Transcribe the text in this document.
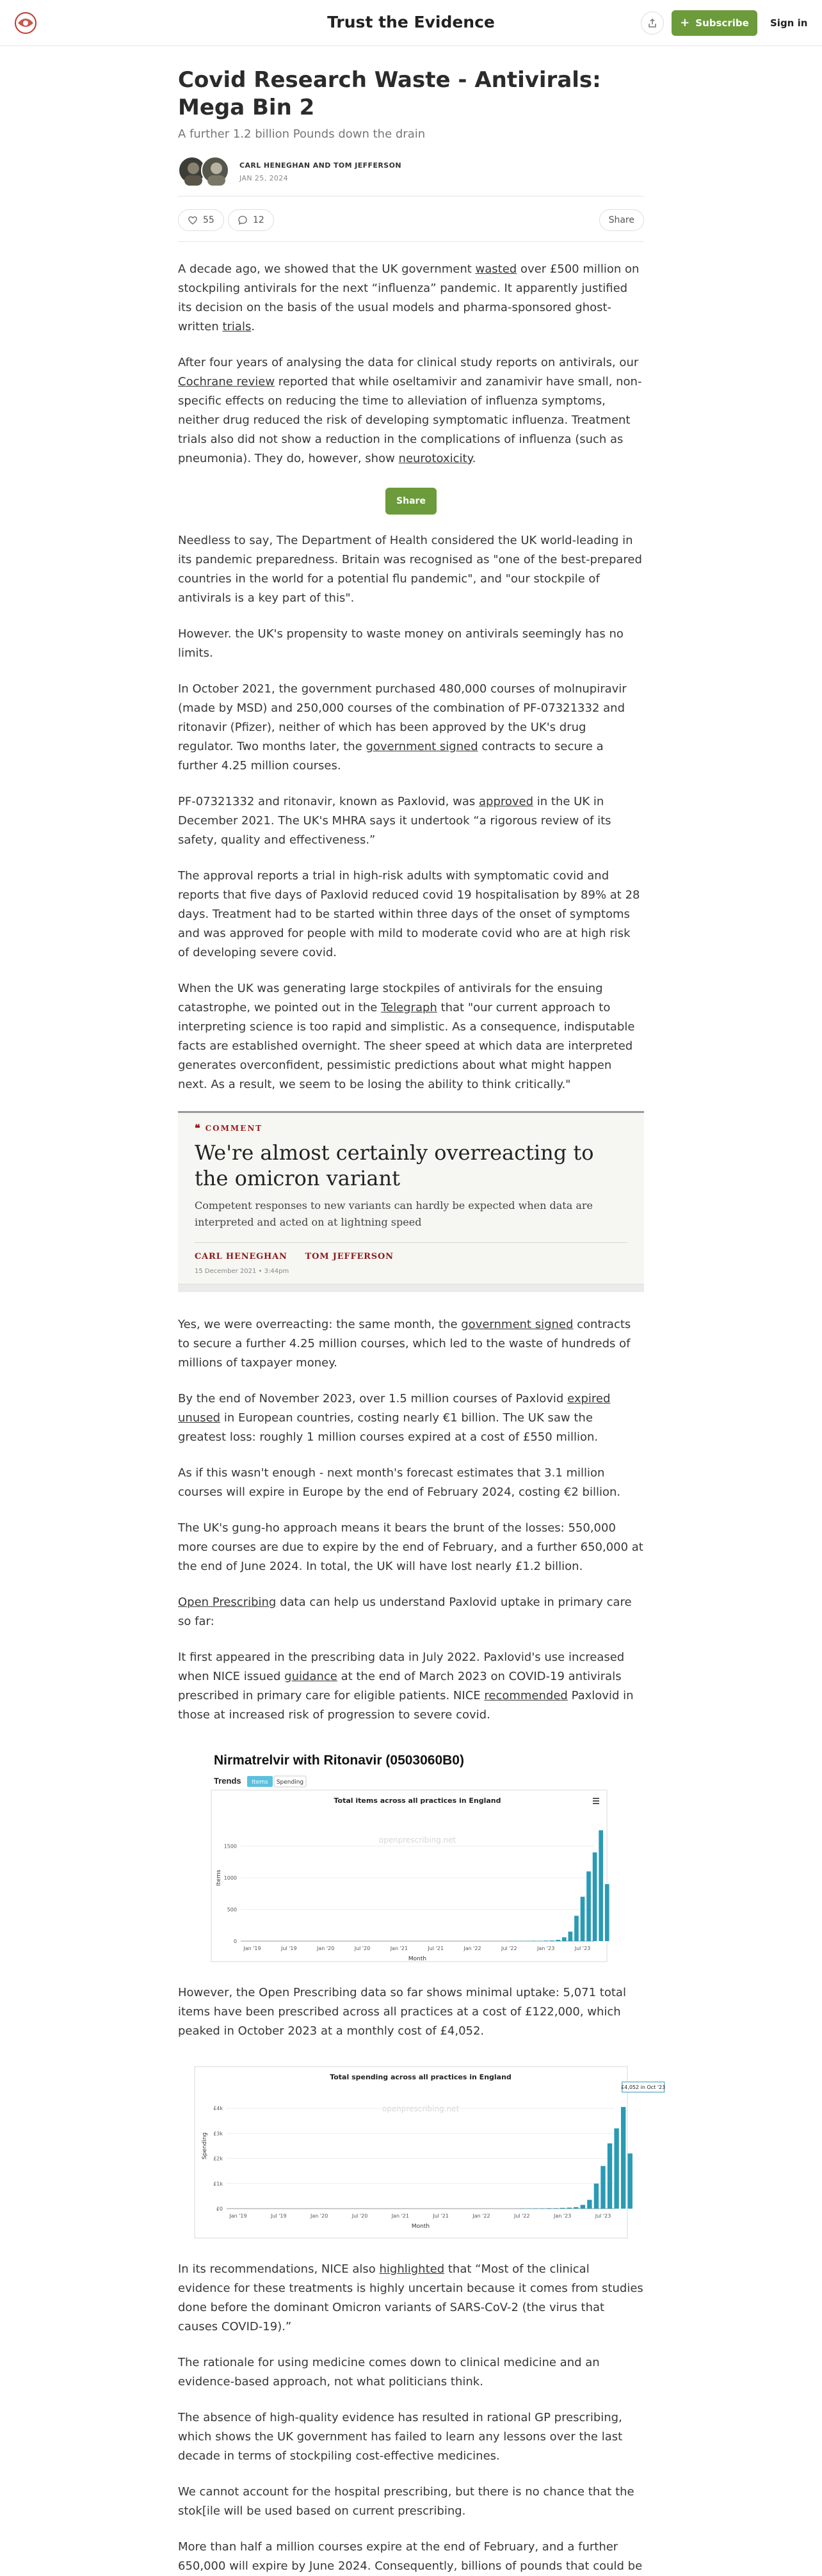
Trust the Evidence	+ Subscribe Sign in
Covid Research Waste - Antivirals: Mega Bin 2
A further 1.2 billion Pounds down the drain
CARL HENEGHAN AND TOM JEFFERSON
JAN 25, 2024
55	12	Share

A decade ago, we showed that the UK government wasted over £500 million on stockpiling antivirals for the next “influenza” pandemic. It apparently justified its decision on the basis of the usual models and pharma-sponsored ghost-written trials.

After four years of analysing the data for clinical study reports on antivirals, our Cochrane review reported that while oseltamivir and zanamivir have small, non‐specific effects on reducing the time to alleviation of influenza symptoms, neither drug reduced the risk of developing symptomatic influenza. Treatment trials also did not show a reduction in the complications of influenza (such as pneumonia). They do, however, show neurotoxicity.

Share

Needless to say, The Department of Health considered the UK world-leading in its pandemic preparedness. Britain was recognised as "one of the best-prepared countries in the world for a potential flu pandemic", and "our stockpile of antivirals is a key part of this".

However. the UK's propensity to waste money on antivirals seemingly has no limits.

In October 2021, the government purchased 480,000 courses of molnupiravir (made by MSD) and 250,000 courses of the combination of PF-07321332 and ritonavir (Pfizer), neither of which has been approved by the UK's drug regulator. Two months later, the government signed contracts to secure a further 4.25 million courses.

PF-07321332 and ritonavir, known as Paxlovid, was approved in the UK in December 2021. The UK's MHRA says it undertook “a rigorous review of its safety, quality and effectiveness.”

The approval reports a trial in high-risk adults with symptomatic covid and reports that five days of Paxlovid reduced covid 19 hospitalisation by 89% at 28 days. Treatment had to be started within three days of the onset of symptoms and was approved for people with mild to moderate covid who are at high risk of developing severe covid.

When the UK was generating large stockpiles of antivirals for the ensuing catastrophe, we pointed out in the Telegraph that "our current approach to interpreting science is too rapid and simplistic. As a consequence, indisputable facts are established overnight. The sheer speed at which data are interpreted generates overconfident, pessimistic predictions about what might happen next. As a result, we seem to be losing the ability to think critically."

❝ COMMENT
We're almost certainly overreacting to the omicron variant
Competent responses to new variants can hardly be expected when data are interpreted and acted on at lightning speed
CARL HENEGHAN TOM JEFFERSON
15 December 2021 • 3:44pm

Yes, we were overreacting: the same month, the government signed contracts to secure a further 4.25 million courses, which led to the waste of hundreds of millions of taxpayer money.

By the end of November 2023, over 1.5 million courses of Paxlovid expired unused in European countries, costing nearly €1 billion. The UK saw the greatest loss: roughly 1 million courses expired at a cost of £550 million.

As if this wasn't enough - next month's forecast estimates that 3.1 million courses will expire in Europe by the end of February 2024, costing €2 billion.

The UK's gung-ho approach means it bears the brunt of the losses: 550,000 more courses are due to expire by the end of February, and a further 650,000 at the end of June 2024. In total, the UK will have lost nearly £1.2 billion.

Open Prescribing data can help us understand Paxlovid uptake in primary care so far:

It first appeared in the prescribing data in July 2022. Paxlovid's use increased when NICE issued guidance at the end of March 2023 on COVID-19 antivirals prescribed in primary care for eligible patients. NICE recommended Paxlovid in those at increased risk of progression to severe covid.

Nirmatrelvir with Ritonavir (0503060B0)
Trends Items Spending
Total items across all practices in England
openprescribing.net
0
500
1000
1500
Jan '19	Jul '19	Jan '20	Jul '20	Jan '21	Jul '21	Jan '22	Jul '22	Jan '23	Jul '23
Month
Items

However, the Open Prescribing data so far shows minimal uptake: 5,071 total items have been prescribed across all practices at a cost of £122,000, which peaked in October 2023 at a monthly cost of £4,052.

Total spending across all practices in England
openprescribing.net
£0
£1k
£2k
£3k
£4k
Jan '19	Jul '19	Jan '20	Jul '20	Jan '21	Jul '21	Jan '22	Jul '22	Jan '23	Jul '23
Month
Spending
£4,052 in Oct '23

In its recommendations, NICE also highlighted that “Most of the clinical evidence for these treatments is highly uncertain because it comes from studies done before the dominant Omicron variants of SARS-CoV-2 (the virus that causes COVID-19).”

The rationale for using medicine comes down to clinical medicine and an evidence-based approach, not what politicians think.

The absence of high-quality evidence has resulted in rational GP prescribing, which shows the UK government has failed to learn any lessons over the last decade in terms of stockpiling cost-effective medicines.

We cannot account for the hospital prescribing, but there is no chance that the stok[ile will be used based on current prescribing.

More than half a million courses expire at the end of February, and a further 650,000 will expire by June 2024. Consequently, billions of pounds that could be
